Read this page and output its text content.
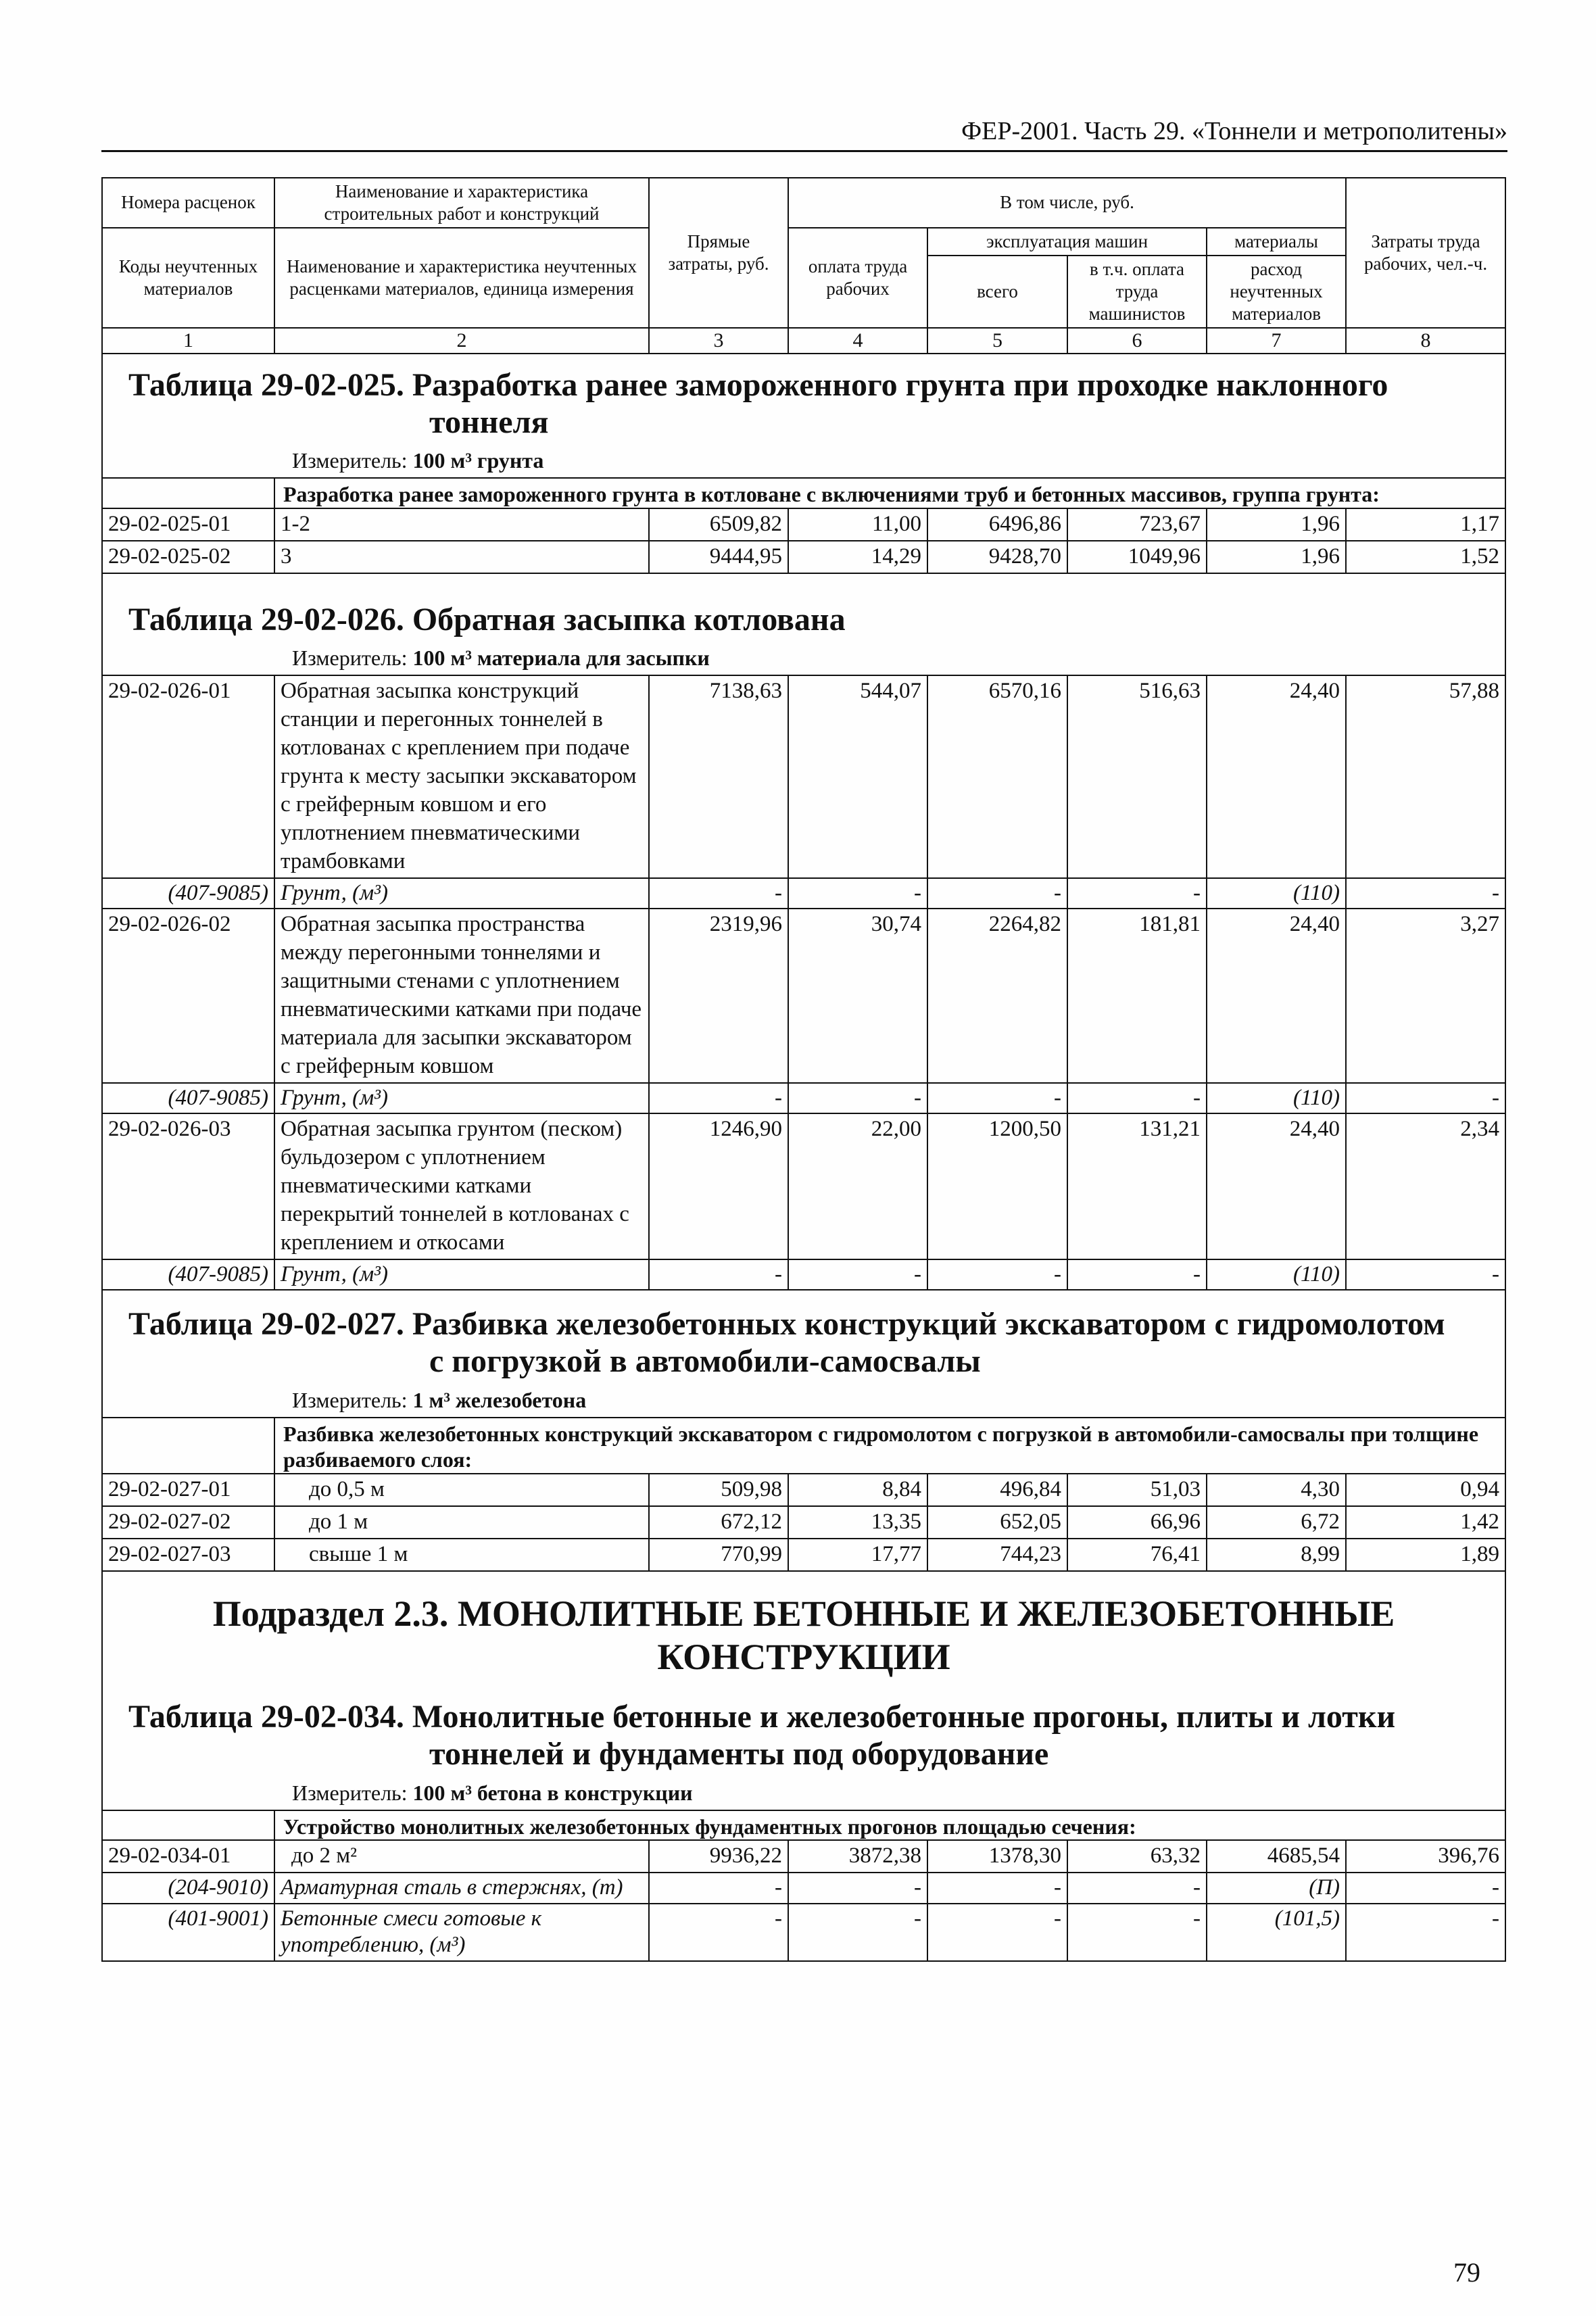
ФЕР-2001. Часть 29. «Тоннели и метрополитены»
Номера расценок	Наименование и характеристика строительных работ и конструкций	Прямые затраты, руб.	В том числе, руб.				Затраты труда рабочих, чел.-ч.
Коды неучтенных материалов	Наименование и характеристика неучтенных расценками материалов, единица измерения		оплата труда рабочих	эксплуатация машин		материалы	
				всего	в т.ч. оплата труда машинистов	расход неучтенных материалов	
1	2	3	4	5	6	7	8

Таблица 29-02-025. Разработка ранее замороженного грунта при проходке наклонного
тоннеля
Измеритель: 100 м³ грунта							

	Разработка ранее замороженного грунта в котловане с включениями труб и бетонных массивов, группа грунта:						
29-02-025-01	1-2	6509,82	11,00	6496,86	723,67	1,96	1,17
29-02-025-02	3	9444,95	14,29	9428,70	1049,96	1,96	1,52

Таблица 29-02-026. Обратная засыпка котлована
Измеритель: 100 м³ материала для засыпки							

29-02-026-01	Обратная засыпка конструкций станции и перегонных тоннелей в котлованах с креплением при подаче грунта к месту засыпки экскаватором с грейферным ковшом и его уплотнением пневматическими трамбовками	7138,63	544,07	6570,16	516,63	24,40	57,88
(407-9085)	Грунт, (м³)	-	-	-	-	(110)	-
29-02-026-02	Обратная засыпка пространства между перегонными тоннелями и защитными стенами с уплотнением пневматическими катками при подаче материала для засыпки экскаватором с грейферным ковшом	2319,96	30,74	2264,82	181,81	24,40	3,27
(407-9085)	Грунт, (м³)	-	-	-	-	(110)	-
29-02-026-03	Обратная засыпка грунтом (песком) бульдозером с уплотнением пневматическими катками перекрытий тоннелей в котлованах с креплением и откосами	1246,90	22,00	1200,50	131,21	24,40	2,34
(407-9085)	Грунт, (м³)	-	-	-	-	(110)	-

Таблица 29-02-027. Разбивка железобетонных конструкций экскаватором с гидромолотом
с погрузкой в автомобили-самосвалы
Измеритель: 1 м³ железобетона							

	Разбивка железобетонных конструкций экскаватором с гидромолотом с погрузкой в автомобили-самосвалы при толщине разбиваемого слоя:						
29-02-027-01	до 0,5 м	509,98	8,84	496,84	51,03	4,30	0,94
29-02-027-02	до 1 м	672,12	13,35	652,05	66,96	6,72	1,42
29-02-027-03	свыше 1 м	770,99	17,77	744,23	76,41	8,99	1,89

Подраздел 2.3. МОНОЛИТНЫЕ БЕТОННЫЕ И ЖЕЛЕЗОБЕТОННЫЕ
КОНСТРУКЦИИ							

Таблица 29-02-034. Монолитные бетонные и железобетонные прогоны, плиты и лотки
тоннелей и фундаменты под оборудование
Измеритель: 100 м³ бетона в конструкции							

	Устройство монолитных железобетонных фундаментных прогонов площадью сечения:						
29-02-034-01	до 2 м²	9936,22	3872,38	1378,30	63,32	4685,54	396,76
(204-9010)	Арматурная сталь в стержнях, (т)	-	-	-	-	(П)	-
(401-9001)	Бетонные смеси готовые к употреблению, (м³)	-	-	-	-	(101,5)	-
79
